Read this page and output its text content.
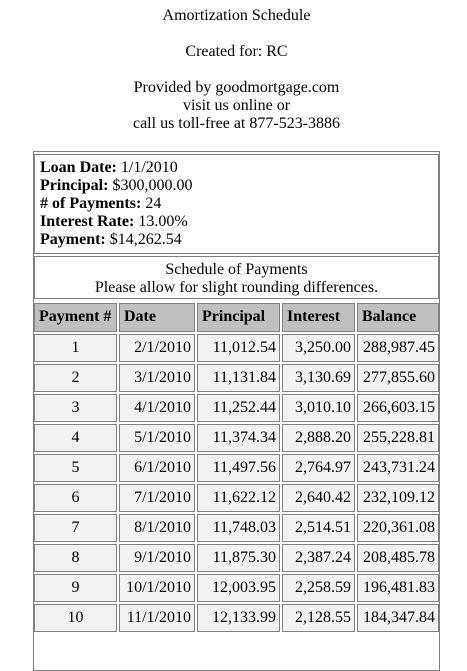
Amortization Schedule
Created for: RC
Provided by goodmortgage.com
visit us online or
call us toll-free at 877-523-3886
Loan Date: 1/1/2010
Principal: $300,000.00
# of Payments: 24
Interest Rate: 13.00%
Payment: $14,262.54
Schedule of Payments
Please allow for slight rounding differences.
Payment # Date	Principal	Interest	Balance
1	2/1/2010	11,012.54	3,250.00 288,987.45
2	3/1/2010	11,131.84	3,130.69 277,855.60
3	4/1/2010	11,252.44	3,010.10 266,603.15
4	5/1/2010	11,374.34	2,888.20 255,228.81
5	6/1/2010	11,497.56	2,764.97 243,731.24
6	7/1/2010	11,622.12	2,640.42 232,109.12
7	8/1/2010	11,748.03	2,514.51 220,361.08
8	9/1/2010	11,875.30	2,387.24 208,485.78
9	10/1/2010	12,003.95	2,258.59 196,481.83
10	11/1/2010	12,133.99	2,128.55 184,347.84
